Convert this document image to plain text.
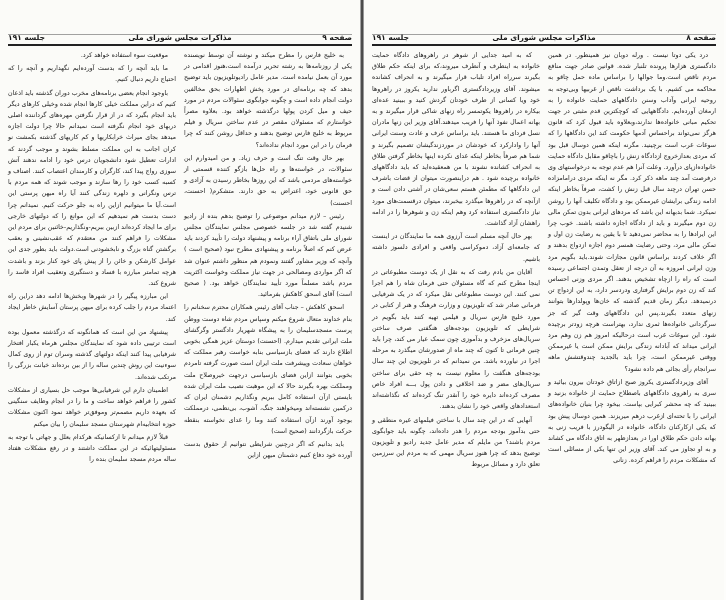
صفحه ۹
مذاکرات مجلس شورای ملی
جلسه ۱۹۱

به خلیج فارس را مطرح میکند و نوشته آن توسط نویسنده یکی از روزنامه‌ها به رشته تحریر درآمده است،هنوز اقدامی در مورد آن بعمل نیامده است. مدیر عامل رادیوتلویزیون باید توضیح بدهد که چه برنامه‌ای در مورد پخش اظهارات بحق مخالفین دولت انجام داده است و چگونه جوابگوی سئوالات مردم در مورد حیف و میل کردن پولها درگذشته خواهد بود. بعلاوه مصراً خواستارم که مسئولان مقصر در عدم ساختن سریال و فیلم مربوط به خلیج فارس توضیح بدهند و حداقل روشن کنند که چرا فرمان را در این مورد انجام نداده‌اند؟

بهر حال وقت تنگ است و حرف زیاد. و من امیدوارم این سئوالات، در خواسته‌ها و راه حل‌ها بازگو کننده قسمتی از خواسته‌های مردمی باشد که این روزها بخاطر رسیدن به آزادی و حق قانونی خود، اعتراض به حق دارند. متشکرم( احسنت، احسنت)

رئیس – لازم میدانم موضوعی را توضیح بدهم بنده از رادیو شنیدم گفته شد در جلسه خصوصی مجلس نمایندگان مجلس شورای ملی باتفاق آراء برنامه و پیشنهاد دولت را تأیید کردند باید عرض کنم که اصلاً برنامه و پیشنهادی مطرح نبود (صحیح است ) وآنچه که وزیر مشاور گفتند ونمودم هم منظور داشتم عنوان شد که اگر مواردی ومصالحی در جهت نیاز مملکت وخواست اکثریت مردم باشد مسلماً مورد تأیید نمایندگان خواهد بود. ( صحیح است) آقای اسحق کاهکش بفرمائید.

اسحق کاهکش – جناب آقای رئیس همکاران محترم سخنانم را بنام خداوند متعال شروع میکنم وسپاس مردم شاه دوست ووطن پرست مسجدسلیمان را به پیشگاه شهریار دادگستر وگرگشای ملت ایرانی تقدیم میدارم. (احسنت) دوستان عزیز همگی بخوبی اطلاع دارند که فضای بازسیاسی بنابه خواست رهبر مملکت که خواهان سعادت وپیشرفت ملت ایران است صورت گرفته تامردم بخوبی بتوانند ازاین فضای بازسیاسی درجهت خیروصلاح ملت ومملکت بهره بگیرند حالا که این موهبت نصیب ملت ایران شده بایستی ازآن استفاده کامل ببریم ونگذاریم دشمنان ایران که درکمین نشسته‌اند ومیخواهند جنگ، آشوب، بی‌نظمی، درمملکت بوجود آورند ازآن استفاده کنند وما را غدای نخواسته بنقطه حرکت بازگردانند (صحیح است)

باید بدانیم که اگر درچنین شرایطی نتوانیم از حقوق بدست آورده خود دفاع کنیم دشمنان میهن ازاین

موقعیت سوء استفاده خواهد کرد.

ما باید آنچه را که بدست آورده‌ایم نگهداریم و آنچه را که احتیاج داریم دنبال کنیم.

باوجود انجام بعضی برنامه‌های مخرب دوران گذشته باید اذعان کنیم که دراین مملکت خیلی کارها انجام شده وخیلی کارهای دیگر باید انجام بگیرد که در از قرار نگرفتن مهره‌های گرداننده اصلی دربهای خود انجام نگرفته است نمیدانم حالا چرا دولت اجازه میدهد بجای میراث خرابکاریها و کم کاریهای گذشته بکمشت نو کران اجانب به این مملکت مسلط بشوند و موجب گردند که ادارات تعطیل شود دانشجویان درس خود را ادامه ندهند آتش سوزی رواج پیدا کند، کارگران و کارمندان اعتصاب کنند. اصناف و کسبه کسب خود را رها سازند و موجب شوند که همه مردم با ترس ونگرانی و دلهره زندگی کنند آیا راه میهن پرستی این است.آیا ما میتوانیم ازاین راه به جلو حرکت کنیم. نمیدانم چرا دست بدست هم نمیدهیم که این موانع را که دولتهای خارجی برای ما ایجاد کرده‌اند ازبین ببریم-ونگذاریم-خائنین برای مردم این مشکلات را فراهم کنند من معتقدم که عقب‌نشینی و بعقب برگشتن گناه بزرگ و نابخشودنی است.دولت باید بطور جدی این عوامل کارشکن و خائن را از پیش پای خود کنار بزند و باشدت هرچه تمامتر مبارزه با فساد و دستگیری وتعقیب افراد فاسد را شروع کند.

این مبارزه پیگیر را در شهرها وبخش‌ها ادامه دهد دراین راه اعتماد مردم را جلب کرده برای میهن پرستان آسایش خاطر ایجاد کند.

پیشنهاد من این است که همانگونه که درگذشته معمول بوده است ترتیبی داده شود که نمایندگان مجلس هرماه یکبار افتخار شرفیابی پیدا کنند اینکه دولتهای گذشته وسران توم از روی کمال سوءنیت این روش چندین ساله را از بین برده‌اند خیانت بزرگی را مرتکب شده‌اند.

اطمینان دارم این شرفیابی‌ها موجب حل بسیاری از مشکلات کشور را فراهم خواهد ساخت و ما را در انجام وظایف سنگینی که بعهده داریم مصمم‌تر وموفق‌تر خواهد نمود اکنون مشکلات حوزه انتخابیه‌ام شهرستان مسجد سلیمان را بیان میکنم

قبلاً لازم میدانم تا ازکسانیکه هرکدام بعلل و جهاتی با توجه به مسئولیتهائیکه در این مملکت داشتند و در رفع مشکلات هفتاد ساله مردم مسجد سلیمان بنده را

صفحه ۸
مذاکرات مجلس شورای ملی
جلسه ۱۹۱

درد یکی دوتا نیست . ورله دوبان نیز همینطور. در همین دادگستری هزارها پرونده تلنبار شده. قوانین صادر جهت منافع مردم ناقص است.وما جوالها را براساس ماده حمل چاقو به محاکمه می کشیم. با یک برداشت ناقص از غربیها وبی‌توجه به روحیه ایرانی وآداب وسنن دادگاههای حمایت خانواده را به ارمغان آورده‌ایم. دادگاههایی که کوچکترین قدم مثبتی در جهت تحکیم مبانی خانواده‌ها ندارند،وبعلاوه باید قبول کرد که قانون هرگز نمی‌تواند براحساس آدمها حکومت کند این دادگاهها را که سوغات غرب است برچینید. مگرنه اینکه همین دوسال قبل بود که مردی بعدازخروج ازدادگاه زنش را باچاقو مقابل دادگاه حمایت خانواده‌ازپای درآورد. وعلت آنرا هم عدم توجه به درخواستهای وی درفرصت آمد چند ماهه ذکر کرد. مگر نه اینکه مردی درامامزاده حسن تهران درچند سال قبل زنش را کشت، صرفاً بخاطر اینکه ادامه زندگی برایشان غیرممکن بود و دادگاه تکلیف آنها را روشن نمیکرد. شما بدبهانه این باشد که مردهای ایرانی بدون تمکن مالی زن دوم میگیرند و باید از دادگاه اجازه داشته باشند. خوب چرا این ایرادها را به محاضر نمی‌دهید تا با یقین به رضایت زن اول و تمکن مالی مرد، وحتی رضایت همسر دوم اجازه ازدواج بدهند و اگر خلاف کردند براساس قانون مجازات شوند.باید بگویم مرد وزن ایرانی امروزه به آن درجه از تعقل وتمدن اجتماعی رسیده است که راه را ازچاه تشخیص بدهند. اگر مردی وزنی احساس کند که زن دوم برایش گرفتاری ودردسر دارد، به این ازدواج تن درنمیدهد. دیگر زمان قدیم گذشته که خان‌ها وپولدارها بتوانند زنهای متعدد بگیرند.پس این دادگاههای وقت گیر که جز سرگردانی خانواده‌ها ثمری ندارد، بهتراست هرچه زودتر برچیده شود. این سوغات غرب است درحالیکه امروز هم زن وهم مرد ایرانی میداند که آبادانه زندگی برایش ممکن است یا غیرممکن ووقتی غیرممکن است، چرا باید بالجدید چندوقتشش ماهه سرانجام رأی بجائی هم داده نشود؟

آقای وزیردادگستری یکروز صبح ازاتاق خودتان بیرون بیائید و سری به راهروی دادگاههای باصطلاح حمایت از خانواده بزنید و ببینید که چه محشر کبرایی بپاست. بیخود چرا بنیان خانواده‌های ایرانی را با تحته‌ای ازغرب درهم میریزند. همین دوسال پیش بود که یکی ازکارکنان دادگاه، خانواده در الیگودرز با فریب زنی به بهانه دادن حکم طلاق اورا در بعدازظهر به اتاق دادگاه می کشاند و به او تجاوز می کند. آقای وزیر این تنها یکی از مسائلی است که مشکلات مردم را فراهم کرده. زنانی

که به امید جدایی از شوهر در راهروهای دادگاه حمایت خانواده به اینطرف و آنطرف میروند،که برای اینکه حکم طلاق بگیرند سرراه افراد تلباب قرار میگیرند و به انحراف کشانده میشوند. آقای وزیردادگستری اگرباور ندارید یکروز در راهروها خود ویا کسانی از طرف خودتان گردش کنید و ببینید عده‌ای بیکاره در راهروها یکوتمسر راه زنهای شاکی قرار میگیرند و به بهانه اعمال نفوذ آنها را فریب میدهند.آقای وزیر این زنها مادران نسل فردای ما هستند. باید براساس عرف و عادت وسنت ایرانی آنها را وادارکرد که خودشان در موردزندگیشان تصمیم بگیرند و شما هم صرفاً بخاطر اینکه غدای نکرده اینها بخاطر گرفتن طلاق به انحراف کشانده نشوند با من همعقیده‌اید که باید دادگاههای خانواده برچیده شود . هم دراینصورت میتوان از قضات باشرف این دادگاهها که مطمئن هستم سعی‌شان در آشتی دادن است و ازآنچه که در راهروها میگذرد بیخبرند، میتوان درقسمت‌های مورد نیاز دادگستری استفاده کرد وهم اینکه زن و شوهرها را در ادامه راهشان آزاد گذاشت.

بهر حال آنچه مسلم است آرزوی همه ما نمایندگان در اینست که جامعه‌ای آزاد، دموکراسی واقعی و افرادی دلسوز داشته باشیم.

آقایان من یادم رفت که به نقل از یک دوست مطبوعاتی در اینجا مطرح کنم که گاه مسئولان حتی فرمان شاه را هم اجرا نمی کنند. این دوست مطبوعاتی نقل میکرد که در یک شرفیابی فرمانی صادر شد که تلویزیون و وزارت فرهنگ و هنر از کتابی در مورد خلیج فارس سریال و فیلمی تهیه کنند باید بگویم در شرایطی که تلویزیون بودجه‌های هنگفتی صرف ساختن سریال‌های مزخرف و بدآموزی چون سمک عیار می کند، چرا باید چنین فرمانی تا کنون که چند ماه از صدورشان میگذرد به مرحله اجرا در نیاورده باشد. من نمیدانم که در تلویزیون این چند سال بودجه‌های هنگفت را معلوم نیست به چه حقی برای ساختن سریال‌های مضر و ضد اخلاقی و دادن پول بـــه افراد خاص مصرف کرده‌اند دایره خود را آنقدر تنگ کرده‌اند که نگذاشته‌اند استعدادهای واقعی خود را نشان بدهند.

آنهایی که در این چند سال با ساختن فیلمهای غیره منطقی و حتی بدآموز بودجه مردم را هدر داده‌اند، چگونه باید جوابگوی مردم باشند؟ من مایلم که مدیر عامل جدید رادیو و تلویزیون توضیح بدهد که چرا هنوز سریال مهمی که به مردم این سرزمین تعلق دارد و مسائل مربوط
